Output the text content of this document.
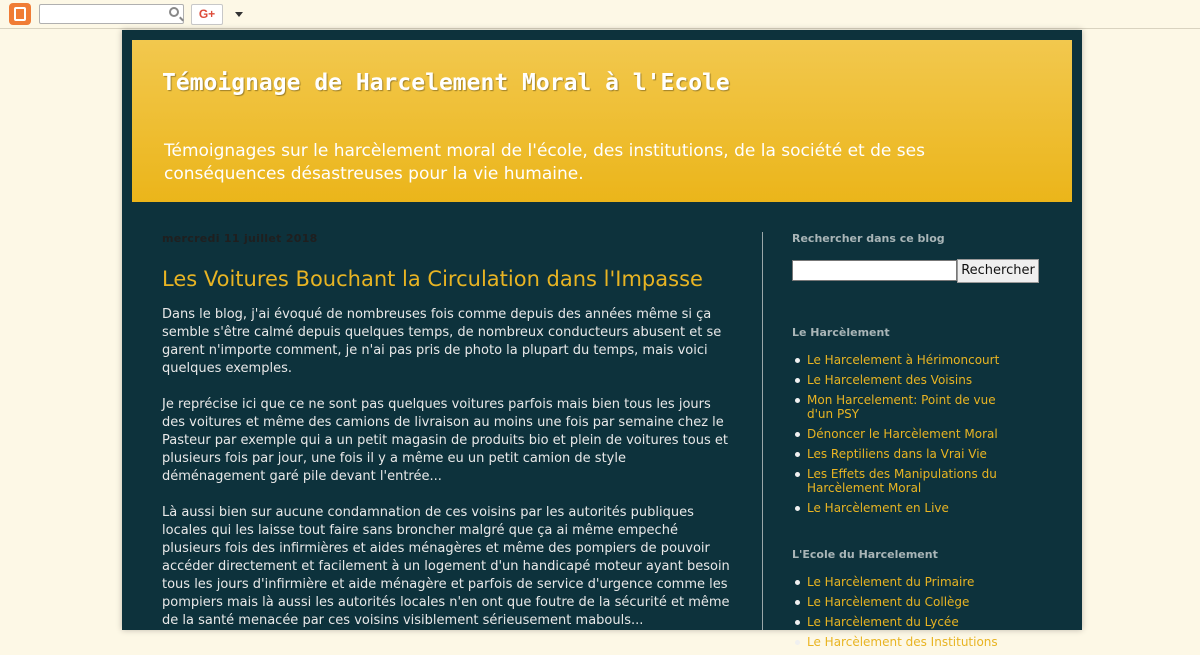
G+
Témoignage de Harcelement Moral à l'Ecole

Témoignages sur le harcèlement moral de l'école, des institutions, de la société et de ses conséquences désastreuses pour la vie humaine.

mercredi 11 juillet 2018
Les Voitures Bouchant la Circulation dans l'Impasse

Dans le blog, j'ai évoqué de nombreuses fois comme depuis des années même si ça semble s'être calmé depuis quelques temps, de nombreux conducteurs abusent et se garent n'importe comment, je n'ai pas pris de photo la plupart du temps, mais voici quelques exemples.

Je reprécise ici que ce ne sont pas quelques voitures parfois mais bien tous les jours des voitures et même des camions de livraison au moins une fois par semaine chez le Pasteur par exemple qui a un petit magasin de produits bio et plein de voitures tous et plusieurs fois par jour, une fois il y a même eu un petit camion de style déménagement garé pile devant l'entrée...

Là aussi bien sur aucune condamnation de ces voisins par les autorités publiques locales qui les laisse tout faire sans broncher malgré que ça ai même empeché plusieurs fois des infirmières et aides ménagères et même des pompiers de pouvoir accéder directement et facilement à un logement d'un handicapé moteur ayant besoin tous les jours d'infirmière et aide ménagère et parfois de service d'urgence comme les pompiers mais là aussi les autorités locales n'en ont que foutre de la sécurité et même de la santé menacée par ces voisins visiblement sérieusement mabouls...

Rechercher dans ce blog
Rechercher
Le Harcèlement
Le Harcelement à Hérimoncourt
Le Harcelement des Voisins
Mon Harcelement: Point de vue d'un PSY
Dénoncer le Harcèlement Moral
Les Reptiliens dans la Vrai Vie
Les Effets des Manipulations du Harcèlement Moral
Le Harcèlement en Live
L'Ecole du Harcelement
Le Harcèlement du Primaire
Le Harcèlement du Collège
Le Harcèlement du Lycée
Le Harcèlement des Institutions
